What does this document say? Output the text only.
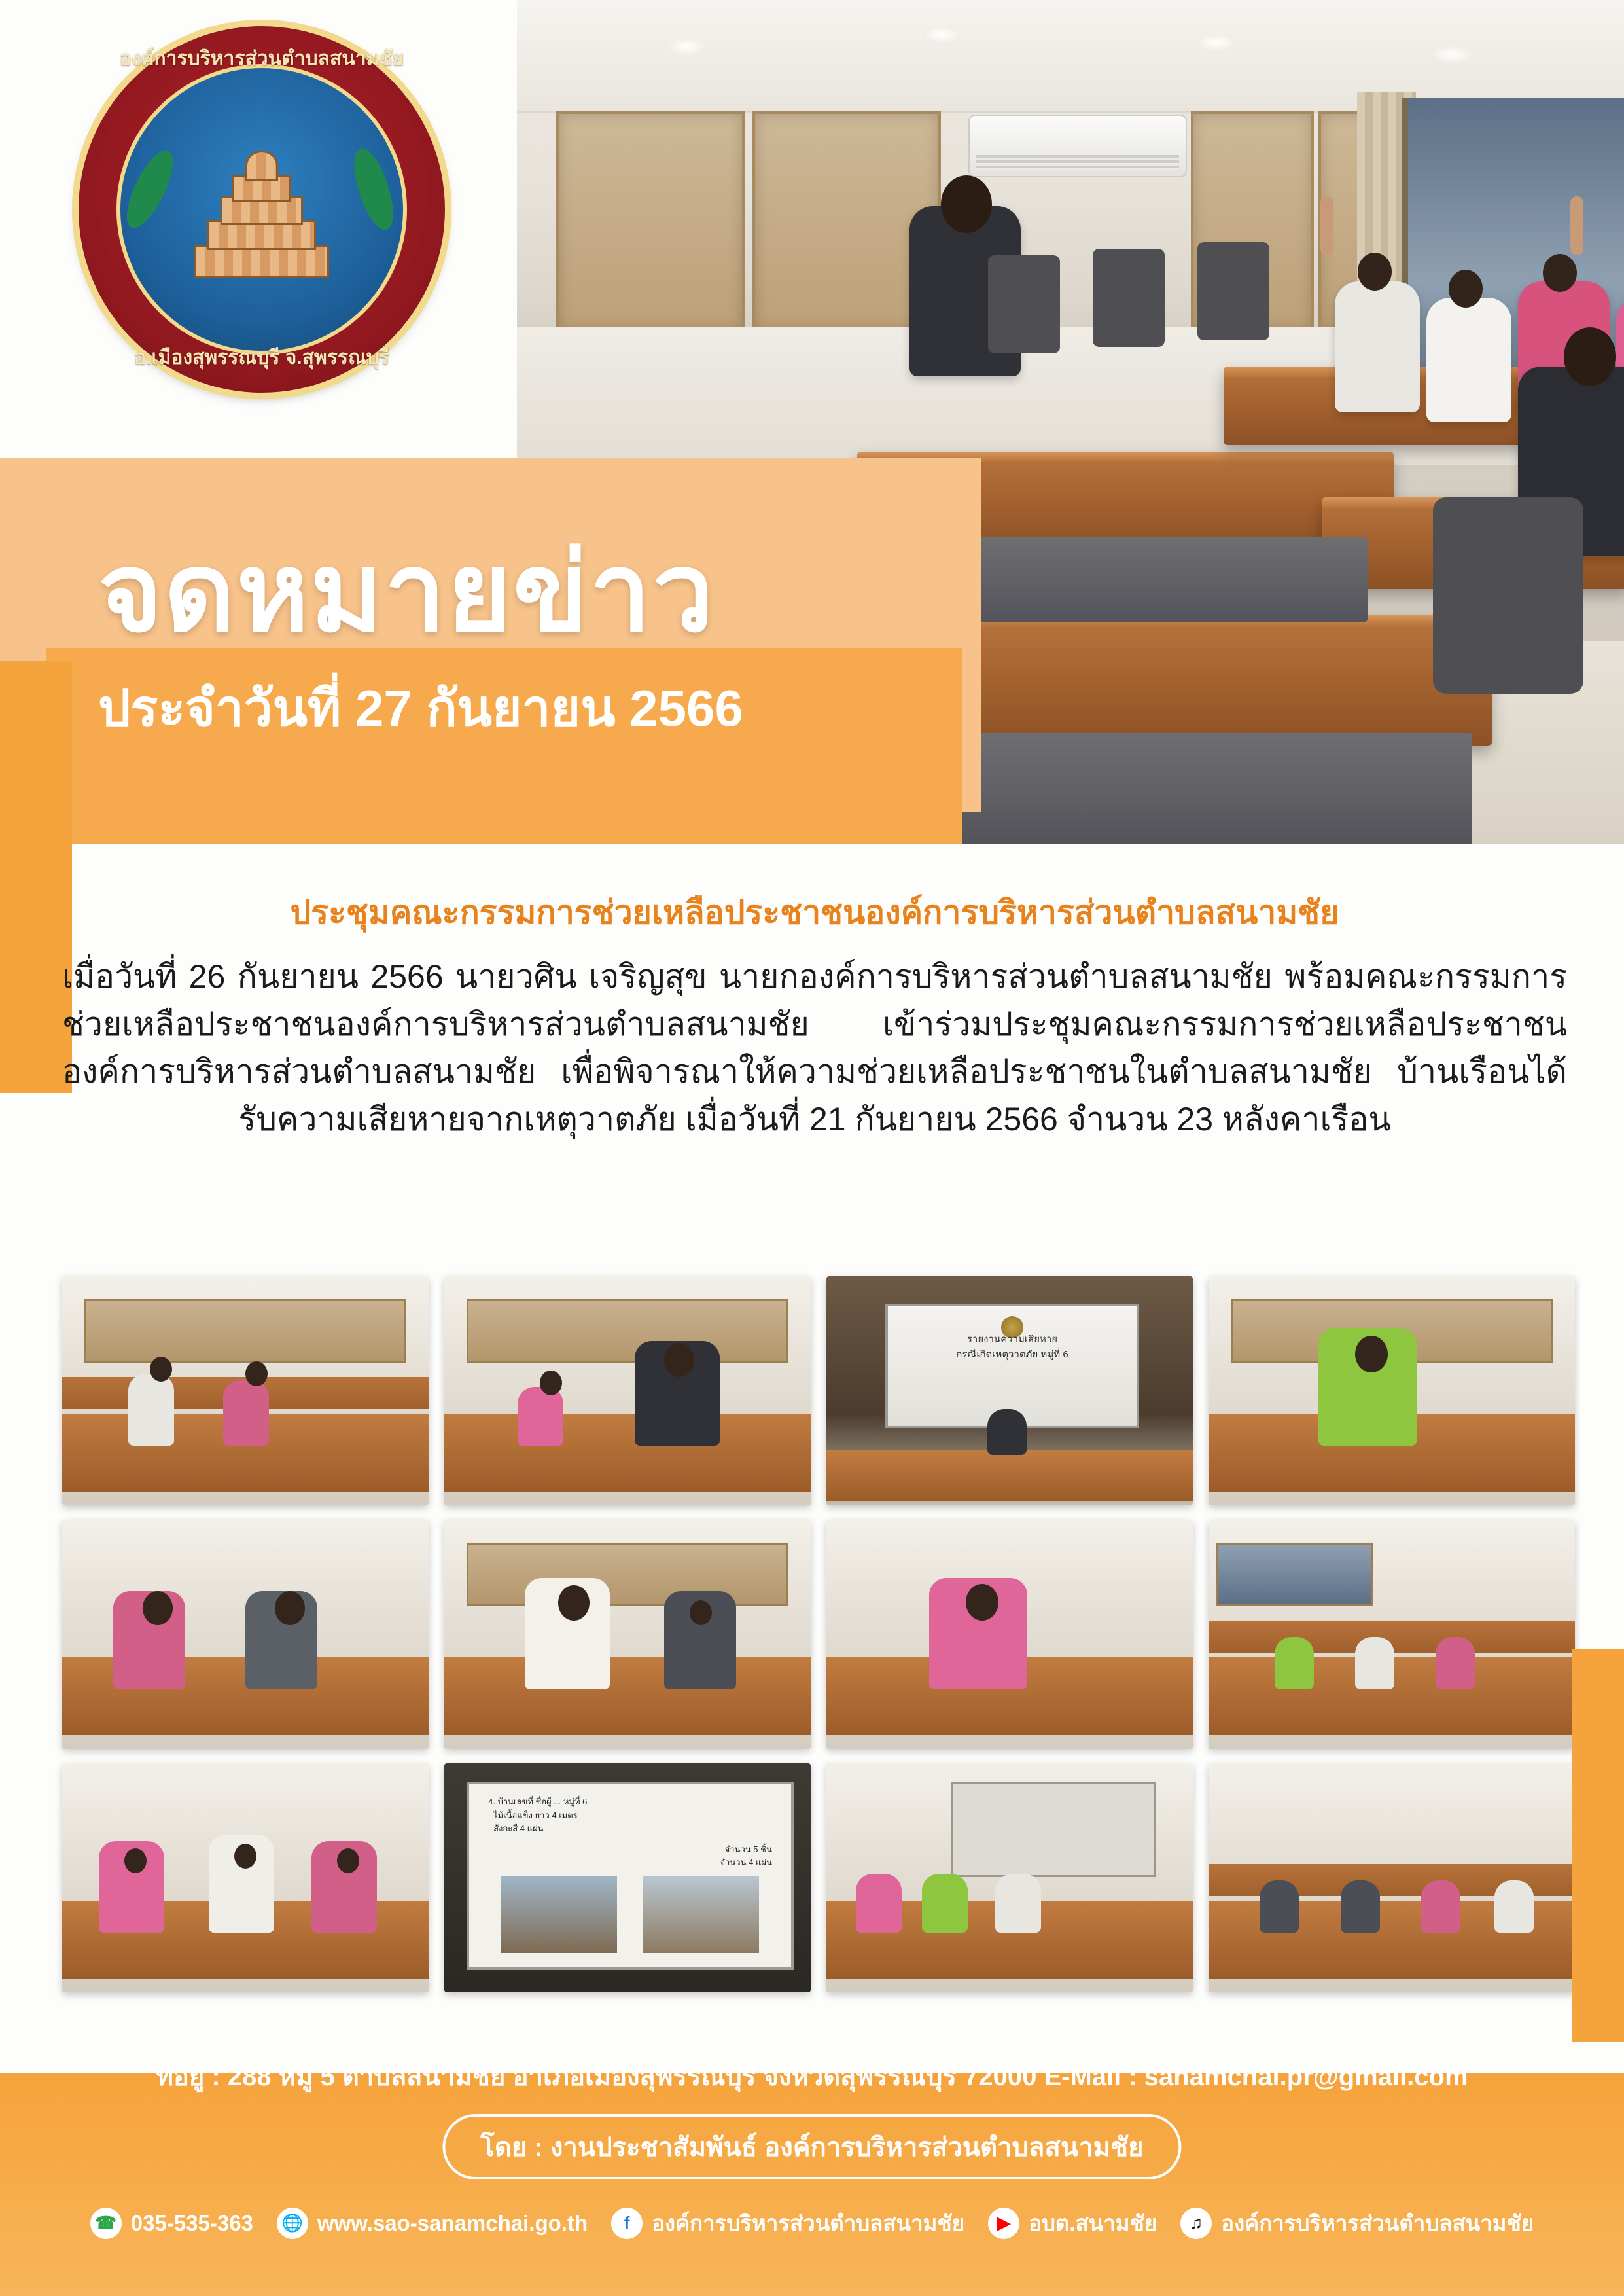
องค์การบริหารส่วนตำบลสนามชัย
อ.เมืองสุพรรณบุรี จ.สุพรรณบุรี
จดหมายข่าว
ประจำวันที่ 27 กันยายน 2566
ประชุมคณะกรรมการช่วยเหลือประชาชนองค์การบริหารส่วนตำบลสนามชัย
เมื่อวันที่ 26 กันยายน 2566 นายวศิน เจริญสุข นายกองค์การบริหารส่วนตำบลสนามชัย พร้อมคณะกรรมการช่วยเหลือประชาชนองค์การบริหารส่วนตำบลสนามชัย เข้าร่วมประชุมคณะกรรมการช่วยเหลือประชาชนองค์การบริหารส่วนตำบลสนามชัย เพื่อพิจารณาให้ความช่วยเหลือประชาชนในตำบลสนามชัย บ้านเรือนได้รับความเสียหายจากเหตุวาตภัย เมื่อวันที่ 21 กันยายน 2566 จำนวน 23 หลังคาเรือน
รายงานความเสียหาย
กรณีเกิดเหตุวาตภัย หมู่ที่ 6
4. บ้านเลขที่ ชื่อผู้ ... หมู่ที่ 6
- ไม้เนื้อแข็ง ยาว 4 เมตร
- สังกะสี 4 แผ่น
จำนวน 5 ชิ้น
จำนวน 4 แผ่น
ที่อยู่ : 288 หมู่ 5 ตำบลสนามชัย อำเภอเมืองสุพรรณบุรี จังหวัดสุพรรณบุรี 72000 E-Mail : sanamchai.pr@gmail.com
โดย : งานประชาสัมพันธ์ องค์การบริหารส่วนตำบลสนามชัย
☎ 035-535-363	🌐 www.sao-sanamchai.go.th	f	องค์การบริหารส่วนตำบลสนามชัย	▶ อบต.สนามชัย	♫ องค์การบริหารส่วนตำบลสนามชัย
